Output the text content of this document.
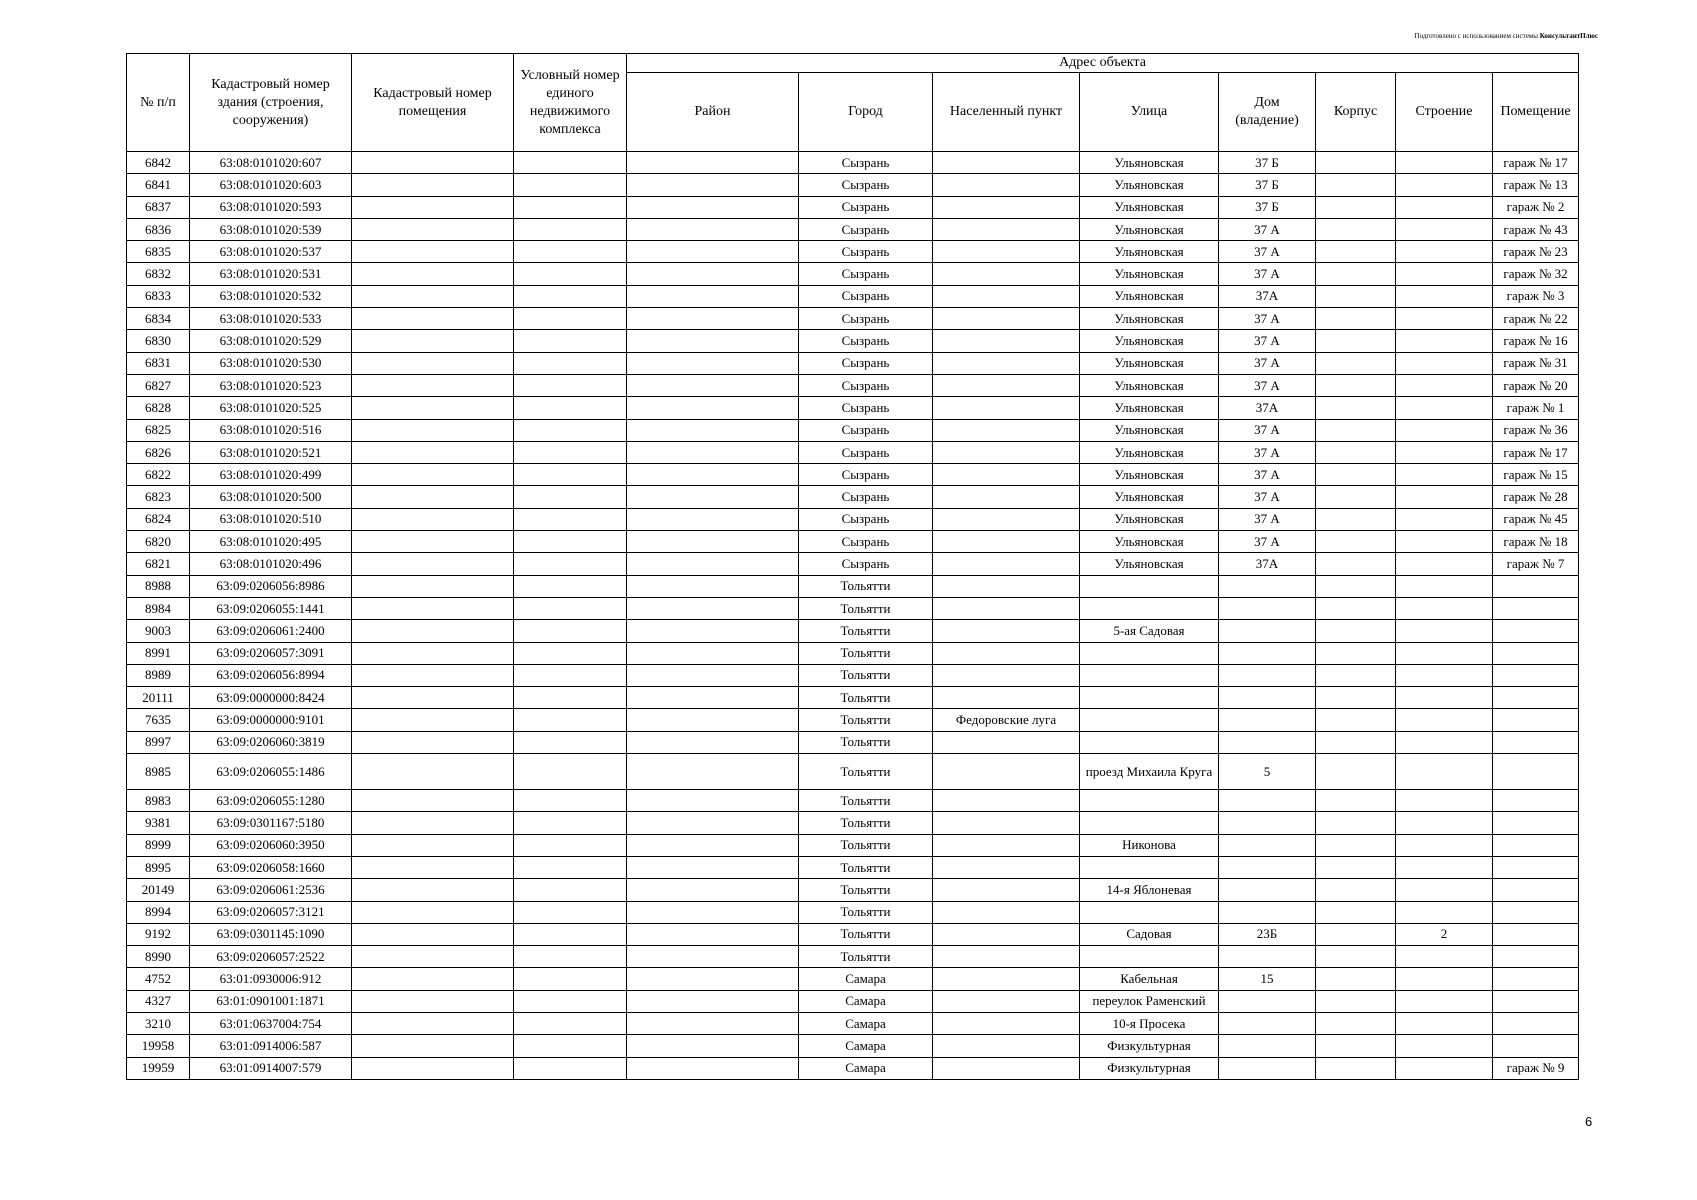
Подготовлено с использованием системы КонсультантПлюс
№ п/п	Кадастровый номер здания (строения, сооружения)	Кадастровый номер помещения	Условный номер единого недвижимого комплекса	Адрес объекта							
				Район	Город	Населенный пункт	Улица	Дом (владение)	Корпус	Строение	Помещение
6842	63:08:0101020:607				Сызрань		Ульяновская	37 Б			гараж № 17
6841	63:08:0101020:603				Сызрань		Ульяновская	37 Б			гараж № 13
6837	63:08:0101020:593				Сызрань		Ульяновская	37 Б			гараж № 2
6836	63:08:0101020:539				Сызрань		Ульяновская	37 А			гараж № 43
6835	63:08:0101020:537				Сызрань		Ульяновская	37 А			гараж № 23
6832	63:08:0101020:531				Сызрань		Ульяновская	37 А			гараж № 32
6833	63:08:0101020:532				Сызрань		Ульяновская	37А			гараж № 3
6834	63:08:0101020:533				Сызрань		Ульяновская	37 А			гараж № 22
6830	63:08:0101020:529				Сызрань		Ульяновская	37 А			гараж № 16
6831	63:08:0101020:530				Сызрань		Ульяновская	37 А			гараж № 31
6827	63:08:0101020:523				Сызрань		Ульяновская	37 А			гараж № 20
6828	63:08:0101020:525				Сызрань		Ульяновская	37А			гараж № 1
6825	63:08:0101020:516				Сызрань		Ульяновская	37 А			гараж № 36
6826	63:08:0101020:521				Сызрань		Ульяновская	37 А			гараж № 17
6822	63:08:0101020:499				Сызрань		Ульяновская	37 А			гараж № 15
6823	63:08:0101020:500				Сызрань		Ульяновская	37 А			гараж № 28
6824	63:08:0101020:510				Сызрань		Ульяновская	37 А			гараж № 45
6820	63:08:0101020:495				Сызрань		Ульяновская	37 А			гараж № 18
6821	63:08:0101020:496				Сызрань		Ульяновская	37А			гараж № 7
8988	63:09:0206056:8986				Тольятти						
8984	63:09:0206055:1441				Тольятти						
9003	63:09:0206061:2400				Тольятти		5-ая Садовая				
8991	63:09:0206057:3091				Тольятти						
8989	63:09:0206056:8994				Тольятти						
20111	63:09:0000000:8424				Тольятти						
7635	63:09:0000000:9101				Тольятти	Федоровские луга					
8997	63:09:0206060:3819				Тольятти						
8985	63:09:0206055:1486				Тольятти		проезд Михаила Круга	5			
8983	63:09:0206055:1280				Тольятти						
9381	63:09:0301167:5180				Тольятти						
8999	63:09:0206060:3950				Тольятти		Никонова				
8995	63:09:0206058:1660				Тольятти						
20149	63:09:0206061:2536				Тольятти		14-я Яблоневая				
8994	63:09:0206057:3121				Тольятти						
9192	63:09:0301145:1090				Тольятти		Садовая	23Б		2	
8990	63:09:0206057:2522				Тольятти						
4752	63:01:0930006:912				Самара		Кабельная	15			
4327	63:01:0901001:1871				Самара		переулок Раменский				
3210	63:01:0637004:754				Самара		10-я Просека				
19958	63:01:0914006:587				Самара		Физкультурная				
19959	63:01:0914007:579				Самара		Физкультурная				гараж № 9
6
